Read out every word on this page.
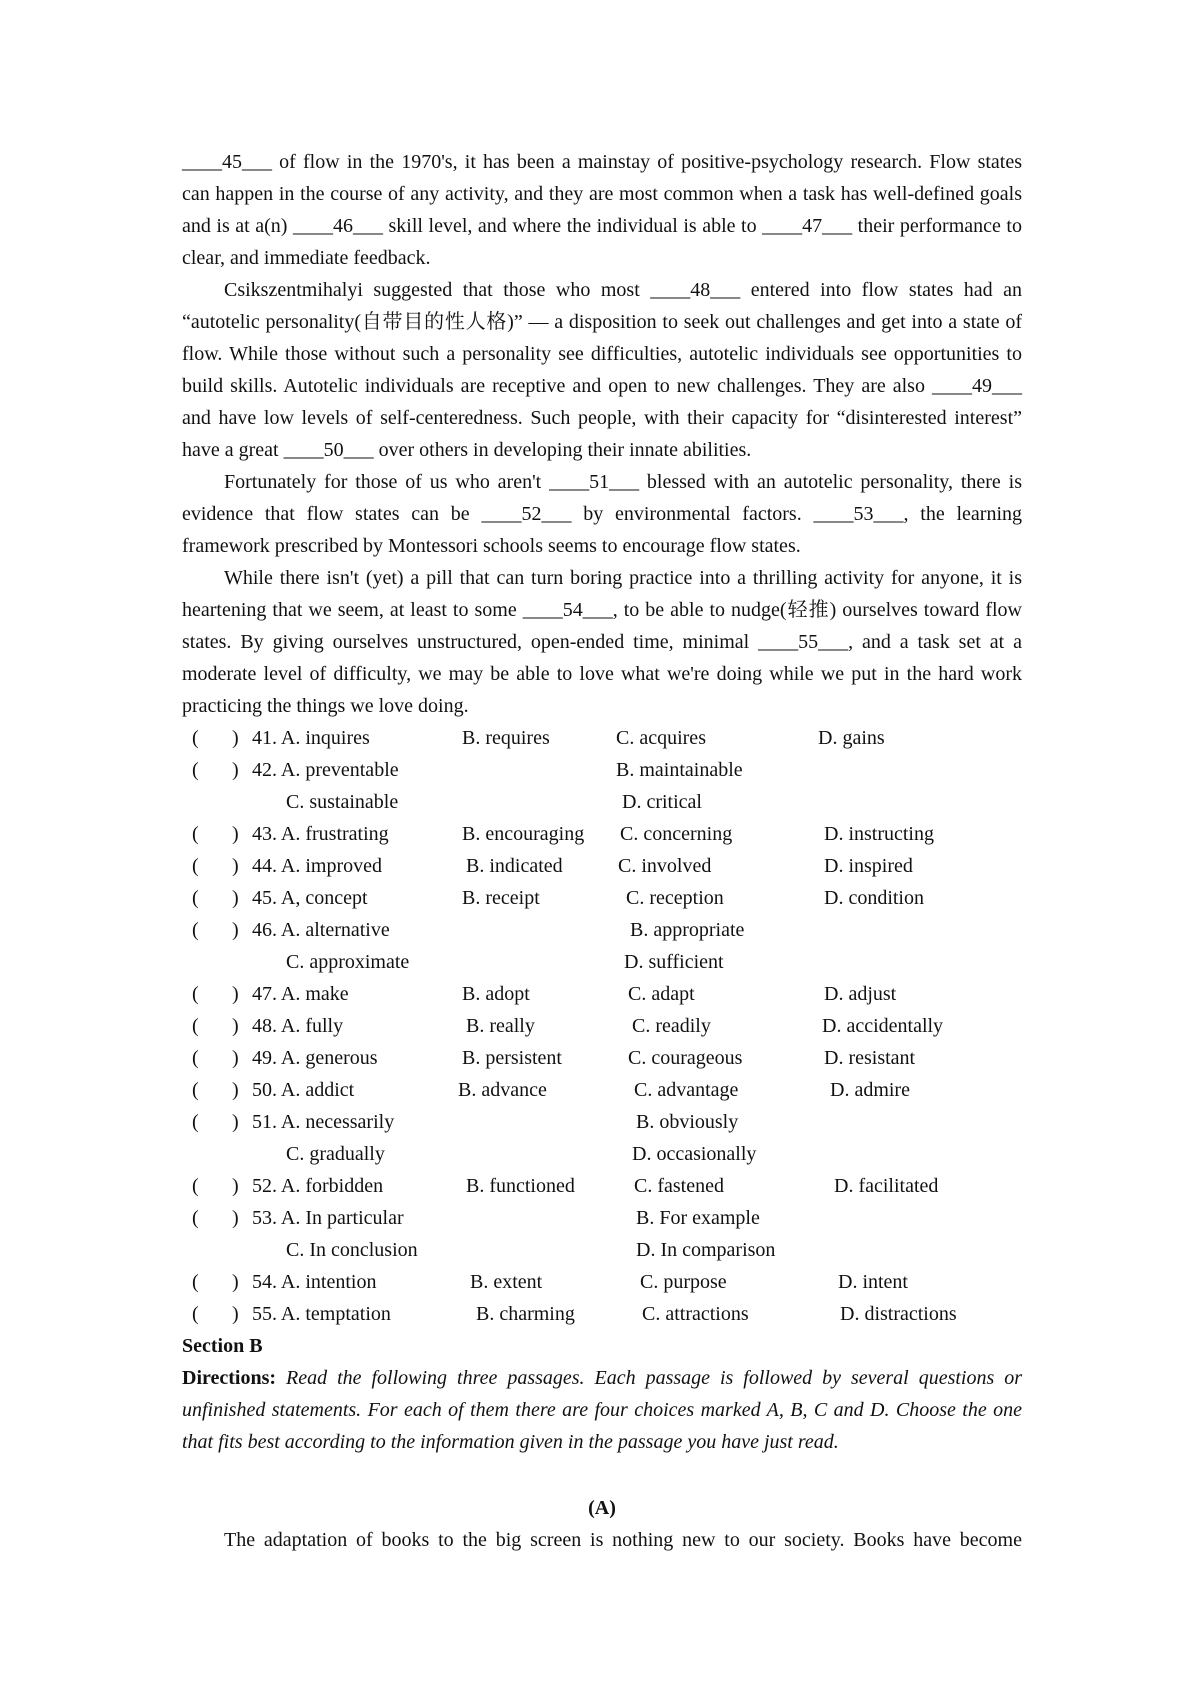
____45___ of flow in the 1970's, it has been a mainstay of positive-psychology research. Flow states can happen in the course of any activity, and they are most common when a task has well-defined goals and is at a(n) ____46___ skill level, and where the individual is able to ____47___ their performance to clear, and immediate feedback.

Csikszentmihalyi suggested that those who most ____48___ entered into flow states had an “autotelic personality(自带目的性人格)” — a disposition to seek out challenges and get into a state of flow. While those without such a personality see difficulties, autotelic individuals see opportunities to build skills. Autotelic individuals are receptive and open to new challenges. They are also ____49___ and have low levels of self-centeredness. Such people, with their capacity for “disinterested interest” have a great ____50___ over others in developing their innate abilities.

Fortunately for those of us who aren't ____51___ blessed with an autotelic personality, there is evidence that flow states can be ____52___ by environmental factors. ____53___, the learning framework prescribed by Montessori schools seems to encourage flow states.

While there isn't (yet) a pill that can turn boring practice into a thrilling activity for anyone, it is heartening that we seem, at least to some ____54___, to be able to nudge(轻推) ourselves toward flow states. By giving ourselves unstructured, open-ended time, minimal ____55___, and a task set at a moderate level of difficulty, we may be able to love what we're doing while we put in the hard work practicing the things we love doing.

( ) 41. A. inquires	B. requires	C. acquires	D. gains
( ) 42. A. preventable	B. maintainable
C. sustainable	D. critical
( ) 43. A. frustrating	B. encouraging C. concerning	D. instructing
( ) 44. A. improved	B. indicated	C. involved	D. inspired
( ) 45. A, concept	B. receipt	C. reception	D. condition
( ) 46. A. alternative	B. appropriate
C. approximate	D. sufficient
( ) 47. A. make	B. adopt	C. adapt	D. adjust
( ) 48. A. fully	B. really	C. readily	D. accidentally
( ) 49. A. generous	B. persistent	C. courageous	D. resistant
( ) 50. A. addict	B. advance	C. advantage	D. admire
( ) 51. A. necessarily	B. obviously
C. gradually	D. occasionally
( ) 52. A. forbidden	B. functioned	C. fastened	D. facilitated
( ) 53. A. In particular	B. For example
C. In conclusion	D. In comparison
( ) 54. A. intention	B. extent	C. purpose	D. intent
( ) 55. A. temptation	B. charming	C. attractions	D. distractions
Section B
Directions: Read the following three passages. Each passage is followed by several questions or unfinished statements. For each of them there are four choices marked A, B, C and D. Choose the one that fits best according to the information given in the passage you have just read.
(A)
The adaptation of books to the big screen is nothing new to our society. Books have become
